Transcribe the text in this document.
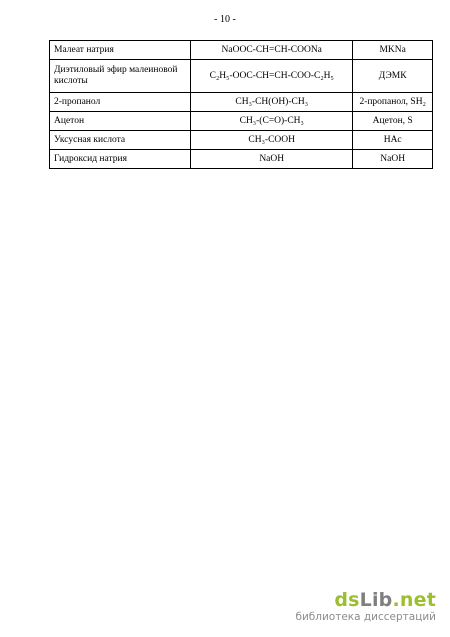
- 10 -
Малеат натрия	NaOOC-CH=CH-COONa	MKNa
Диэтиловый эфир малеиновой кислоты	C₂H₅-OOC-CH=CH-COO-C₂H₅	ДЭМК
2-пропанол	CH₃-CH(OH)-CH₃	2-пропанол, SH₂
Ацетон	CH₃-(C=O)-CH₃	Ацетон, S
Уксусная кислота	CH₃-COOH	HAc
Гидроксид натрия	NaOH	NaOH
dsLib.net
библиотека диссертаций
